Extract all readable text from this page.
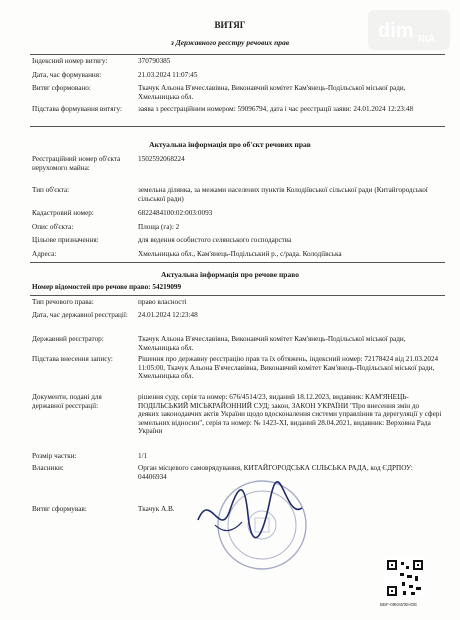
dim RIA
ВИТЯГ
з Державного реєстру речових прав
Індексний номер витягу:	370790385
Дата, час формування:	21.03.2024 11:07:45
Витяг сформовано:	Ткачук Альона В'ячеславівна, Виконавчий комітет Кам'янець-Подільської міської ради, Хмельницька обл.
Підстава формування витягу:	заява з реєстраційним номером: 59096794, дата і час реєстрації заяви: 24.01.2024 12:23:48
Актуальна інформація про об'єкт речових прав
Реєстраційний номер об'єкта нерухомого майна:
1502592068224
Тип об'єкта:	земельна ділянка, за межами населених пунктів Колодіївської сільської ради (Китайгородської сільської ради)
Кадастровий номер:	6822484100:02:003:0093
Опис об'єкта:	Площа (га): 2
Цільове призначення:	для ведення особистого селянського господарства
Адреса:	Хмельницька обл., Кам'янець-Подільський р., с/рада. Колодіївська
Актуальна інформація про речове право
Номер відомостей про речове право: 54219099
Тип речового права:	право власності
Дата, час державної реєстрації: 24.01.2024 12:23:48
Державний реєстратор:	Ткачук Альона В'ячеславівна, Виконавчий комітет Кам'янець-Подільської міської ради, Хмельницька обл.
Підстава внесення запису:	Рішення про державну реєстрацію прав та їх обтяжень, індексний номер: 72178424 від 21.03.2024 11:05:00, Ткачук Альона В'ячеславівна, Виконавчий комітет Кам'янець-Подільської міської ради, Хмельницька обл.
Документи, подані для державної реєстрації:
рішення суду, серія та номер: 676/4514/23, виданий 18.12.2023, видавник: КАМ'ЯНЕЦЬ-ПОДІЛЬСЬКИЙ МІСЬКРАЙОННИЙ СУД; закон, ЗАКОН УКРАЇНИ "Про внесення змін до деяких законодавчих актів України щодо вдосконалення системи управління та дерегуляції у сфері земельних відносин", серія та номер: № 1423-ХІ, виданий 28.04.2021, видавник: Верховна Рада України
Розмір частки:	1/1
Власники:	Орган місцевого самоврядування, КИТАЙГОРОДСЬКА СІЛЬСЬКА РАДА, код ЄДРПОУ: 04406934
Витяг сформував:	Ткачук А.В.
ВБF-09KМЛ0НОЕ
